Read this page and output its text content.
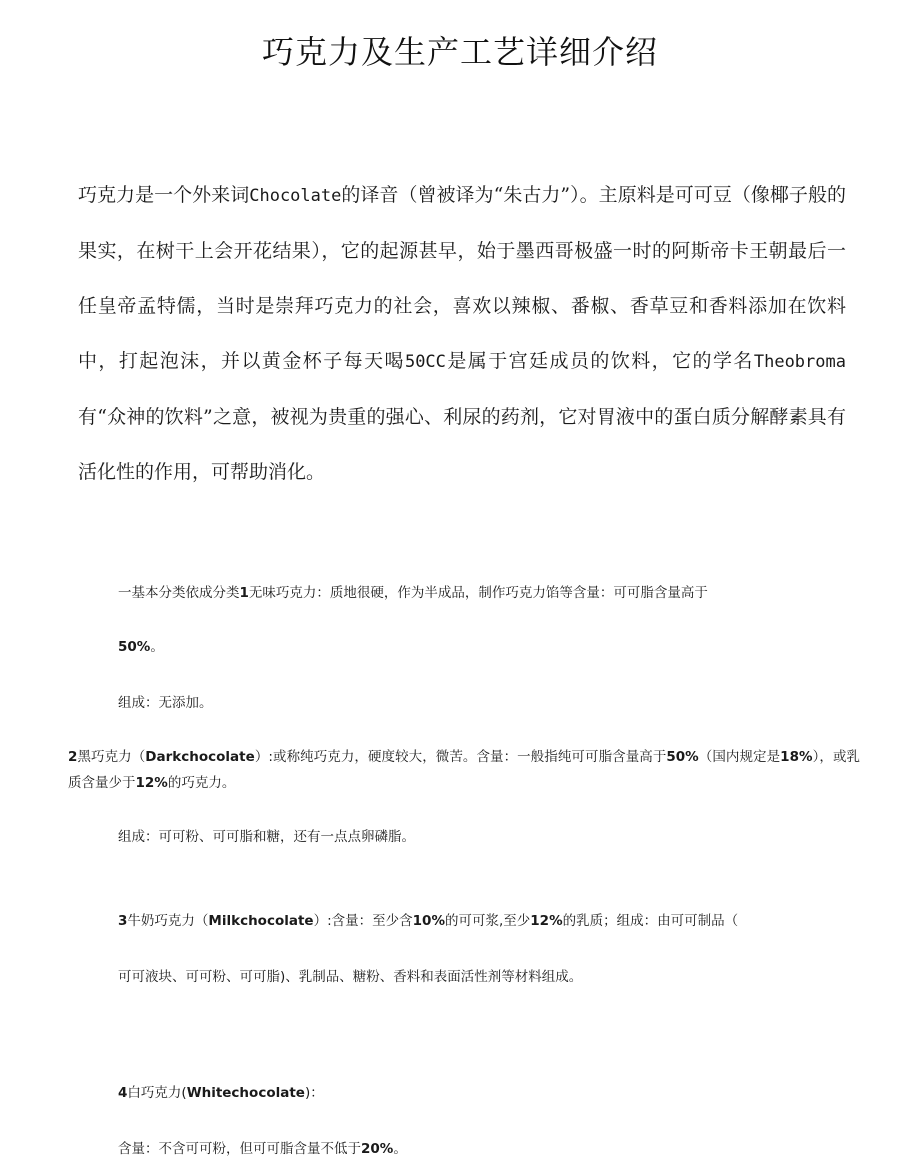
巧克力及生产工艺详细介绍

巧克力是一个外来词Chocolate的译音（曾被译为“朱古力”）。主原料是可可豆（像椰子般的果实，在树干上会开花结果），它的起源甚早，始于墨西哥极盛一时的阿斯帝卡王朝最后一任皇帝孟特儒，当时是崇拜巧克力的社会，喜欢以辣椒、番椒、香草豆和香料添加在饮料中，打起泡沫，并以黄金杯子每天喝50CC是属于宫廷成员的饮料，它的学名Theobroma有“众神的饮料”之意，被视为贵重的强心、利尿的药剂，它对胃液中的蛋白质分解酵素具有活化性的作用，可帮助消化。

一基本分类依成分类1无味巧克力：质地很硬，作为半成品，制作巧克力馅等含量：可可脂含量高于

50%。

组成：无添加。

2黑巧克力（Darkchocolate）:或称纯巧克力，硬度较大，微苦。含量：一般指纯可可脂含量高于50%（国内规定是18%），或乳质含量少于12%的巧克力。

组成：可可粉、可可脂和糖，还有一点点卵磷脂。

3牛奶巧克力（Milkchocolate）:含量：至少含10%的可可浆,至少12%的乳质；组成：由可可制品（

可可液块、可可粉、可可脂)、乳制品、糖粉、香料和表面活性剂等材料组成。

4白巧克力(Whitechocolate)：

含量：不含可可粉，但可可脂含量不低于20%。
